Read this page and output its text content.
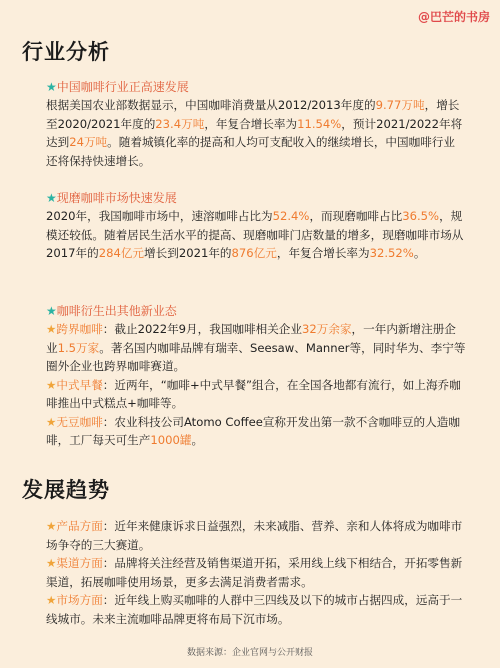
@巴芒的书房
行业分析

★中国咖啡行业正高速发展

根据美国农业部数据显示，中国咖啡消费量从2012/2013年度的9.77万吨，增长至2020/2021年度的23.4万吨，年复合增长率为11.54%，预计2021/2022年将达到24万吨。随着城镇化率的提高和人均可支配收入的继续增长，中国咖啡行业还将保持快速增长。

★现磨咖啡市场快速发展

2020年，我国咖啡市场中，速溶咖啡占比为52.4%，而现磨咖啡占比36.5%，规模还较低。随着居民生活水平的提高、现磨咖啡门店数量的增多，现磨咖啡市场从2017年的284亿元增长到2021年的876亿元，年复合增长率为32.52%。

★咖啡衍生出其他新业态

★跨界咖啡：截止2022年9月，我国咖啡相关企业32万余家，一年内新增注册企业1.5万家。著名国内咖啡品牌有瑞幸、Seesaw、Manner等，同时华为、李宁等圈外企业也跨界咖啡赛道。

★中式早餐：近两年，“咖啡+中式早餐”组合，在全国各地都有流行，如上海乔咖啡推出中式糕点+咖啡等。

★无豆咖啡：农业科技公司Atomo Coffee宣称开发出第一款不含咖啡豆的人造咖啡，工厂每天可生产1000罐。

发展趋势

★产品方面：近年来健康诉求日益强烈，未来减脂、营养、亲和人体将成为咖啡市场争夺的三大赛道。

★渠道方面：品牌将关注经营及销售渠道开拓，采用线上线下相结合，开拓零售新渠道，拓展咖啡使用场景，更多去满足消费者需求。

★市场方面：近年线上购买咖啡的人群中三四线及以下的城市占据四成，远高于一线城市。未来主流咖啡品牌更将布局下沉市场。

数据来源：企业官网与公开财报
